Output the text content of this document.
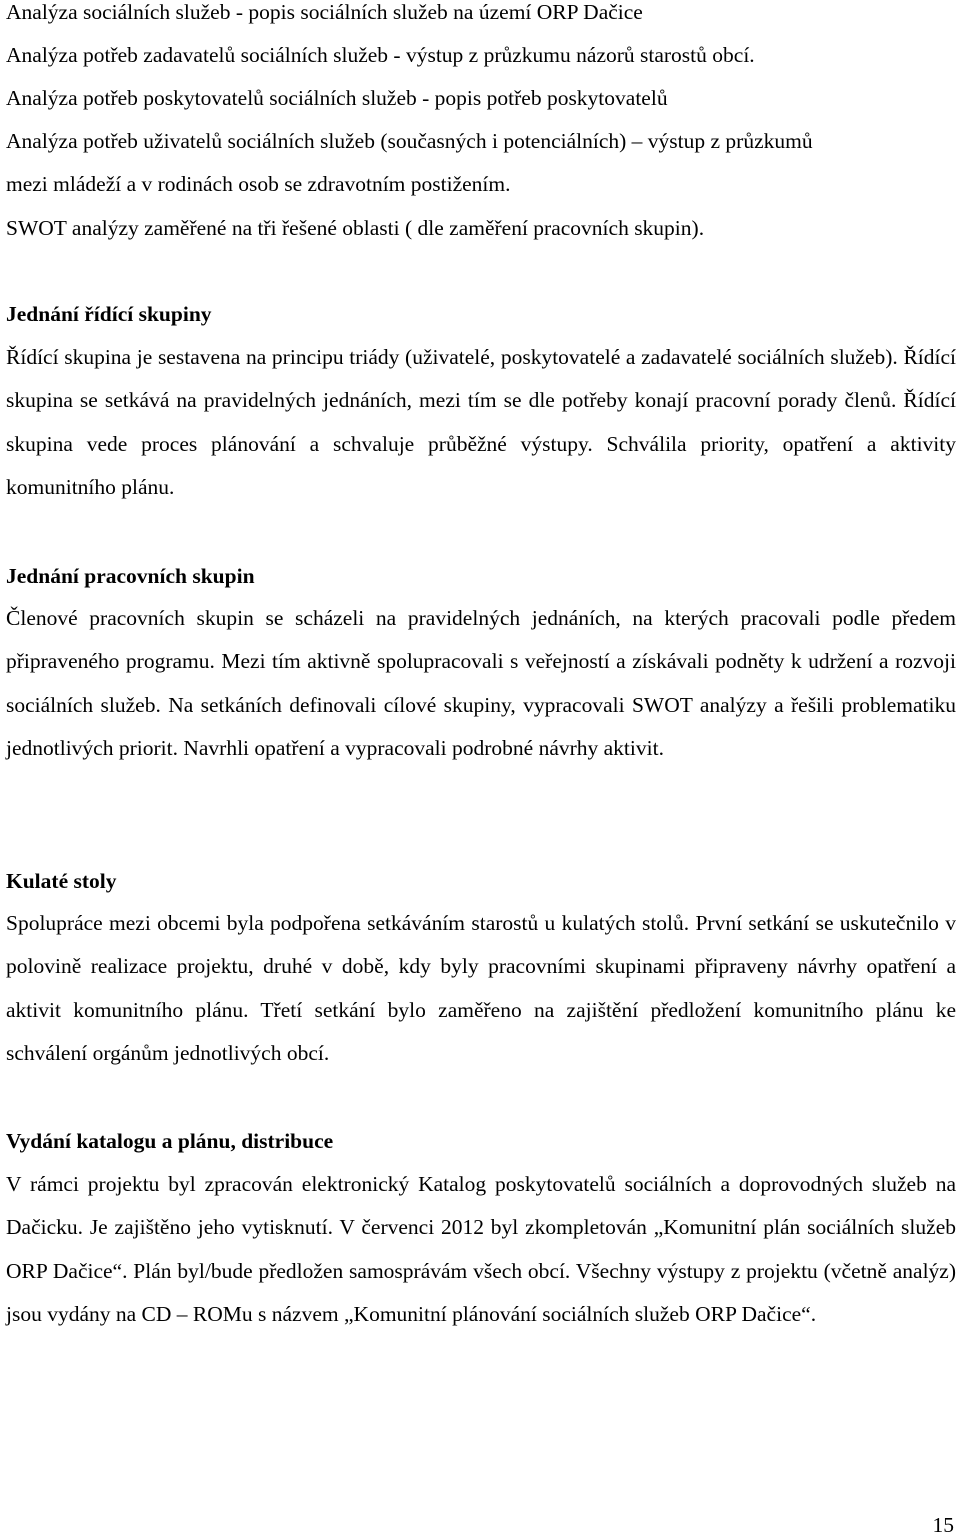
Analýza sociálních služeb - popis sociálních služeb na území ORP Dačice
Analýza potřeb zadavatelů sociálních služeb - výstup z průzkumu názorů starostů obcí.
Analýza potřeb poskytovatelů sociálních služeb - popis potřeb poskytovatelů
Analýza potřeb uživatelů sociálních služeb (současných i potenciálních) – výstup z průzkumů
mezi mládeží a v rodinách osob se zdravotním postižením.
SWOT analýzy zaměřené na tři řešené oblasti ( dle zaměření pracovních skupin).
Jednání řídící skupiny

Řídící skupina je sestavena na principu triády (uživatelé, poskytovatelé a zadavatelé sociálních služeb). Řídící skupina se setkává na pravidelných jednáních, mezi tím se dle potřeby konají pracovní porady členů. Řídící skupina vede proces plánování a schvaluje průběžné výstupy. Schválila priority, opatření a aktivity komunitního plánu.

Jednání pracovních skupin

Členové pracovních skupin se scházeli na pravidelných jednáních, na kterých pracovali podle předem připraveného programu. Mezi tím aktivně spolupracovali s veřejností a získávali podněty k udržení a rozvoji sociálních služeb. Na setkáních definovali cílové skupiny, vypracovali SWOT analýzy a řešili problematiku jednotlivých priorit. Navrhli opatření a vypracovali podrobné návrhy aktivit.

Kulaté stoly

Spolupráce mezi obcemi byla podpořena setkáváním starostů u kulatých stolů. První setkání se uskutečnilo v polovině realizace projektu, druhé v době, kdy byly pracovními skupinami připraveny návrhy opatření a aktivit komunitního plánu. Třetí setkání bylo zaměřeno na zajištění předložení komunitního plánu ke schválení orgánům jednotlivých obcí.

Vydání katalogu a plánu, distribuce

V rámci projektu byl zpracován elektronický Katalog poskytovatelů sociálních a doprovodných služeb na Dačicku. Je zajištěno jeho vytisknutí. V červenci 2012 byl zkompletován „Komunitní plán sociálních služeb ORP Dačice“. Plán byl/bude předložen samosprávám všech obcí. Všechny výstupy z projektu (včetně analýz) jsou vydány na CD – ROMu s názvem „Komunitní plánování sociálních služeb ORP Dačice“.

15
